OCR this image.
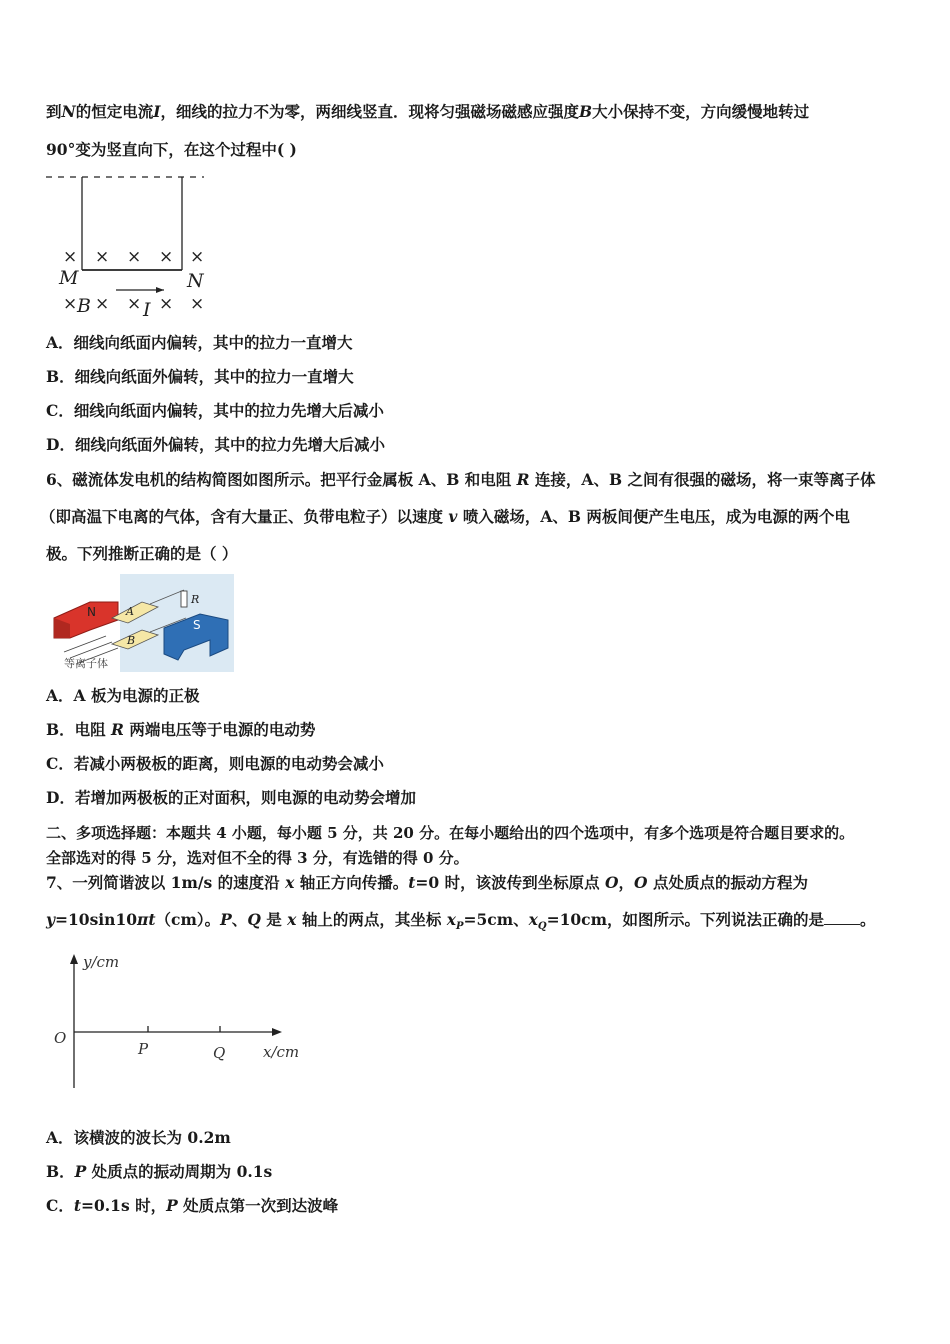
到N的恒定电流I，细线的拉力不为零，两细线竖直．现将匀强磁场磁感应强度B大小保持不变，方向缓慢地转过
90°变为竖直向下，在这个过程中( )
× × × × ×
× × × × ×
M	N
B	I
A．细线向纸面内偏转，其中的拉力一直增大
B．细线向纸面外偏转，其中的拉力一直增大
C．细线向纸面内偏转，其中的拉力先增大后减小
D．细线向纸面外偏转，其中的拉力先增大后减小
6、磁流体发电机的结构简图如图所示。把平行金属板 A、B 和电阻 R 连接，A、B 之间有很强的磁场，将一束等离子体
（即高温下电离的气体，含有大量正、负带电粒子）以速度 v 喷入磁场，A、B 两板间便产生电压，成为电源的两个电
极。下列推断正确的是（ ）
N	A
B
R
S
等离子体
A．A 板为电源的正极
B．电阻 R 两端电压等于电源的电动势
C．若减小两极板的距离，则电源的电动势会减小
D．若增加两极板的正对面积，则电源的电动势会增加
二、多项选择题：本题共 4 小题，每小题 5 分，共 20 分。在每小题给出的四个选项中，有多个选项是符合题目要求的。
全部选对的得 5 分，选对但不全的得 3 分，有选错的得 0 分。
7、一列简谐波以 1m/s 的速度沿 x 轴正方向传播。t=0 时，该波传到坐标原点 O，O 点处质点的振动方程为
y=10sin10πt（cm）。P、Q 是 x 轴上的两点，其坐标 $x_P=5cm$、$x_Q=10cm$，如图所示。下列说法正确的是 。
y/cm
O
P	Q	x/cm
A．该横波的波长为 0.2m
B．P 处质点的振动周期为 0.1s
C．t=0.1s 时，P 处质点第一次到达波峰
